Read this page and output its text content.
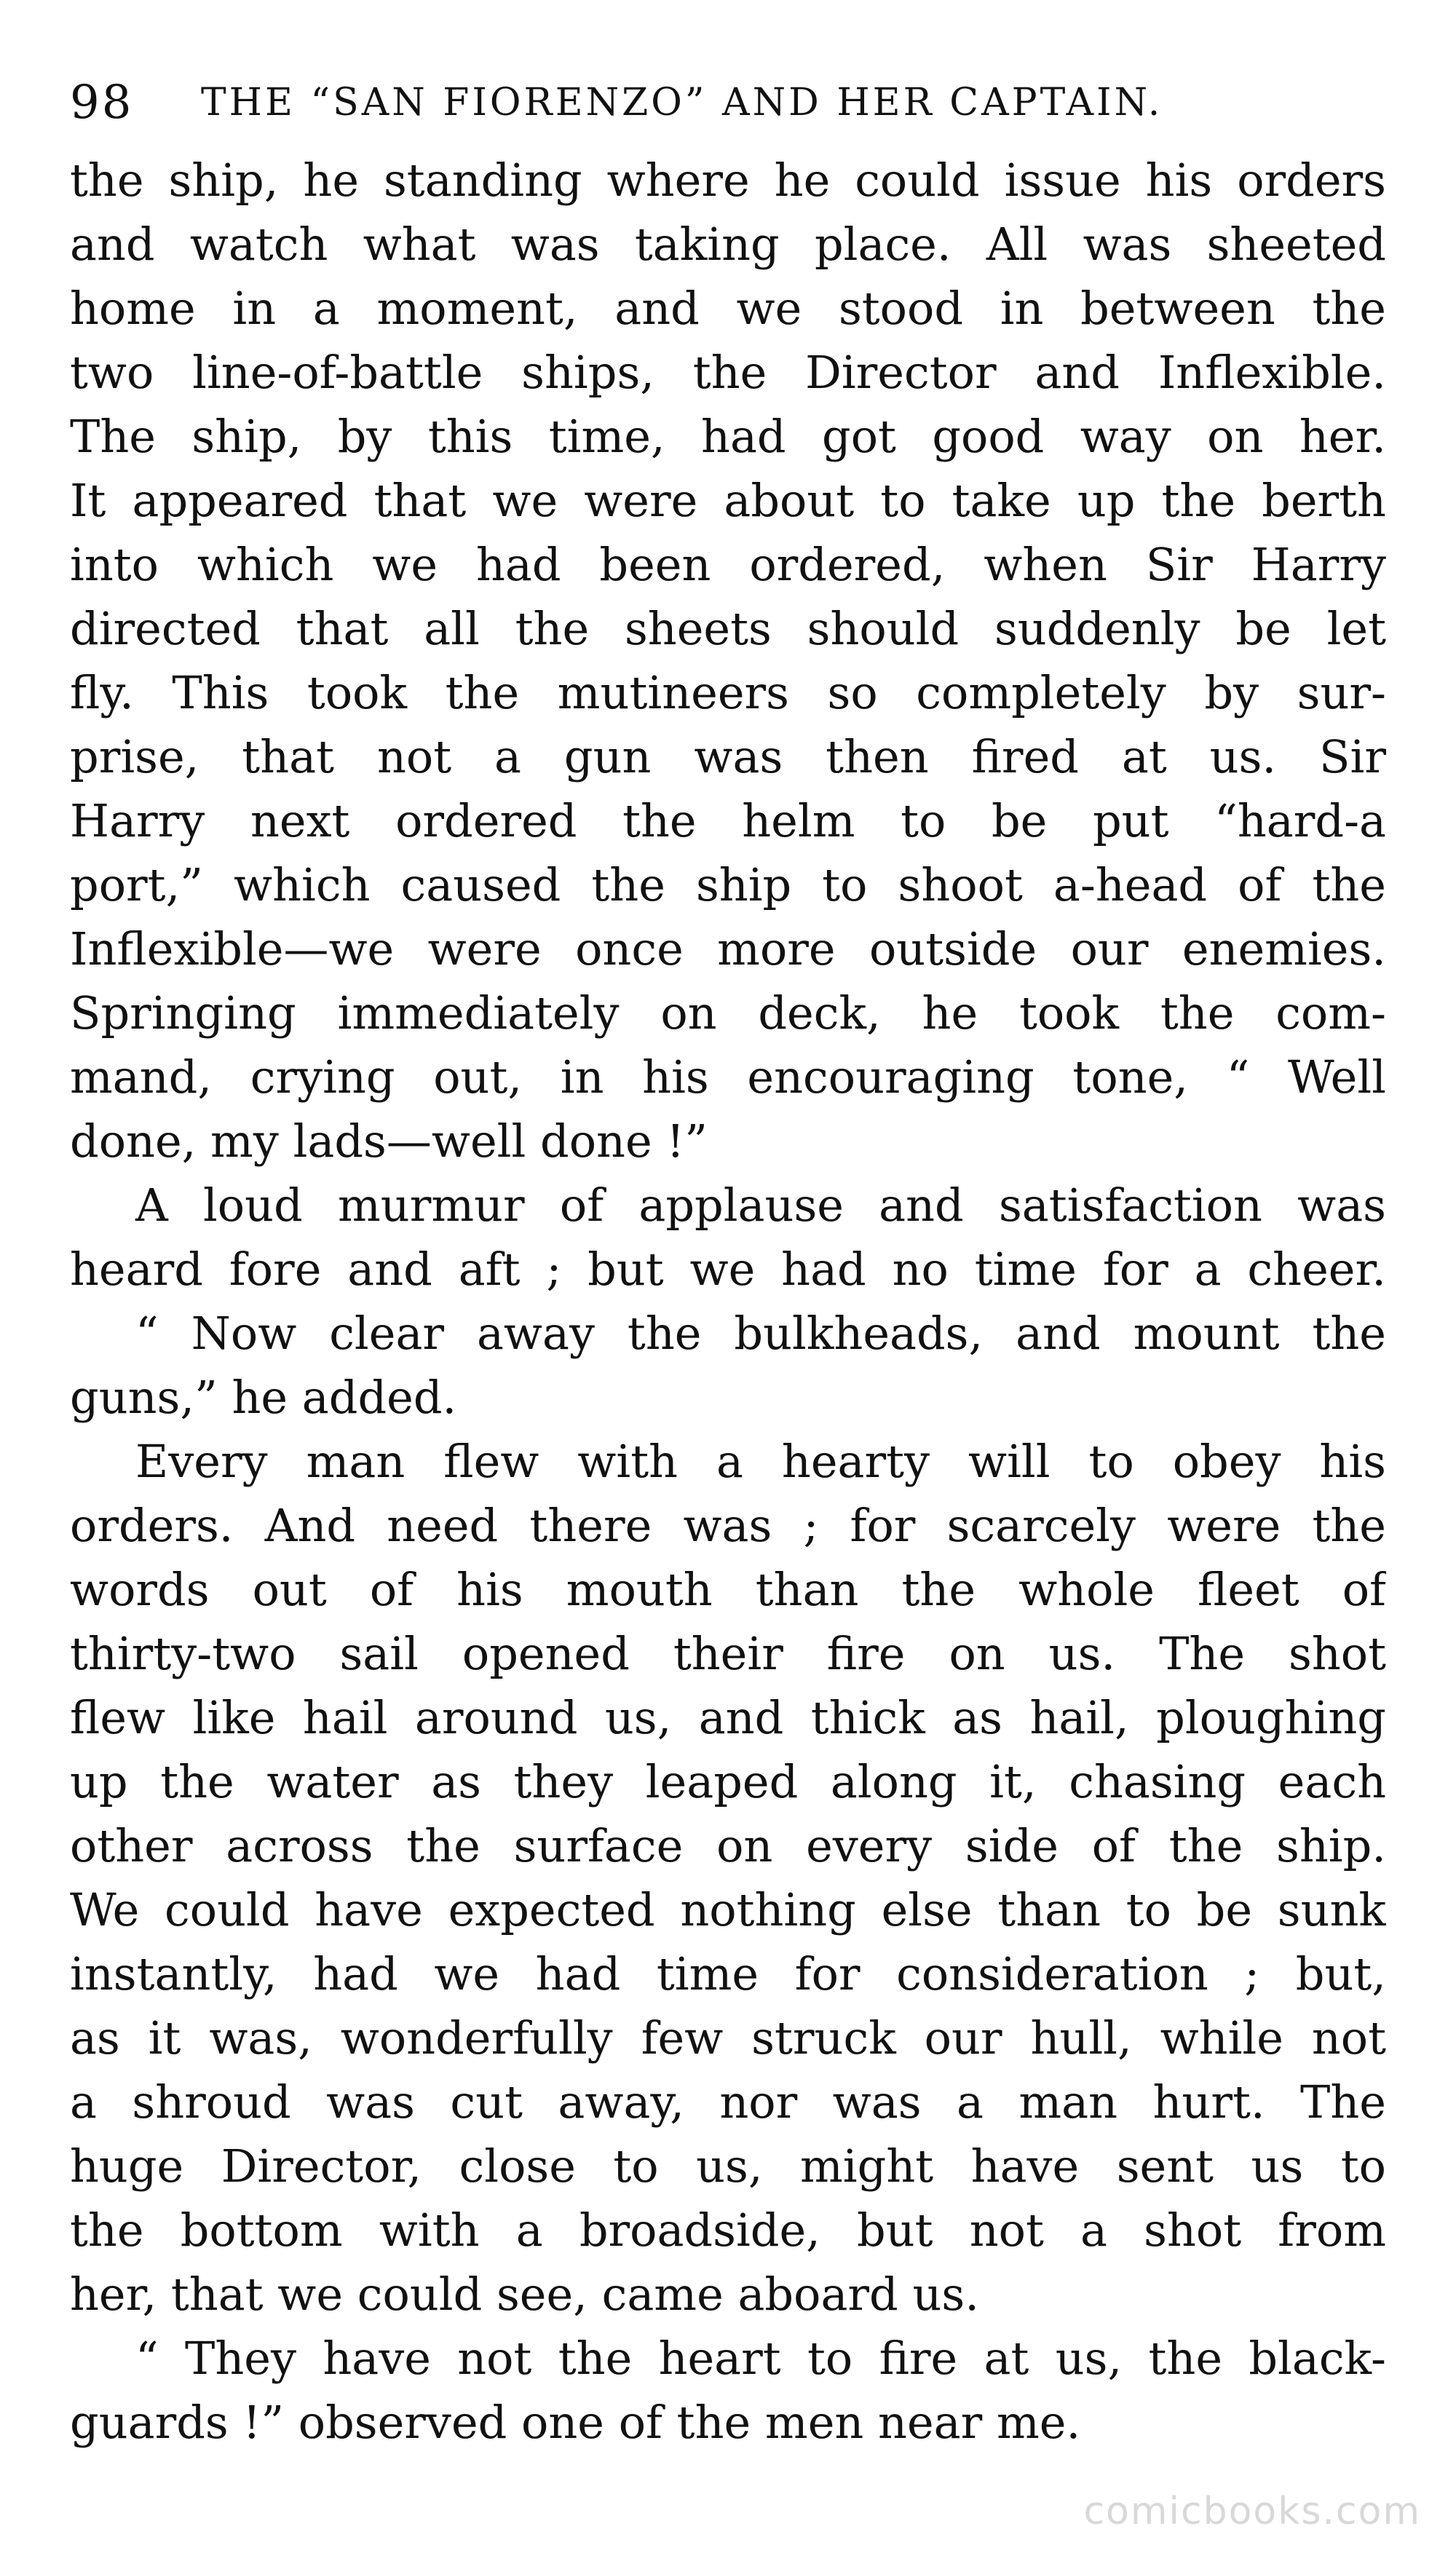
98 THE “SAN FIORENZO” AND HER CAPTAIN.
the ship, he standing where he could issue his orders
and watch what was taking place. All was sheeted
home in a moment, and we stood in between the
two line-of-battle ships, the Director and Inflexible.
The ship, by this time, had got good way on her.
It appeared that we were about to take up the berth
into which we had been ordered, when Sir Harry
directed that all the sheets should suddenly be let
fly. This took the mutineers so completely by sur-
prise, that not a gun was then fired at us. Sir
Harry next ordered the helm to be put “hard-a
port,” which caused the ship to shoot a-head of the
Inflexible—we were once more outside our enemies.
Springing immediately on deck, he took the com-
mand, crying out, in his encouraging tone, “ Well
done, my lads—well done !”
A loud murmur of applause and satisfaction was
heard fore and aft ; but we had no time for a cheer.
“ Now clear away the bulkheads, and mount the
guns,” he added.
Every man flew with a hearty will to obey his
orders. And need there was ; for scarcely were the
words out of his mouth than the whole fleet of
thirty-two sail opened their fire on us. The shot
flew like hail around us, and thick as hail, ploughing
up the water as they leaped along it, chasing each
other across the surface on every side of the ship.
We could have expected nothing else than to be sunk
instantly, had we had time for consideration ; but,
as it was, wonderfully few struck our hull, while not
a shroud was cut away, nor was a man hurt. The
huge Director, close to us, might have sent us to
the bottom with a broadside, but not a shot from
her, that we could see, came aboard us.
“ They have not the heart to fire at us, the black-
guards !” observed one of the men near me.
comicbooks.com
